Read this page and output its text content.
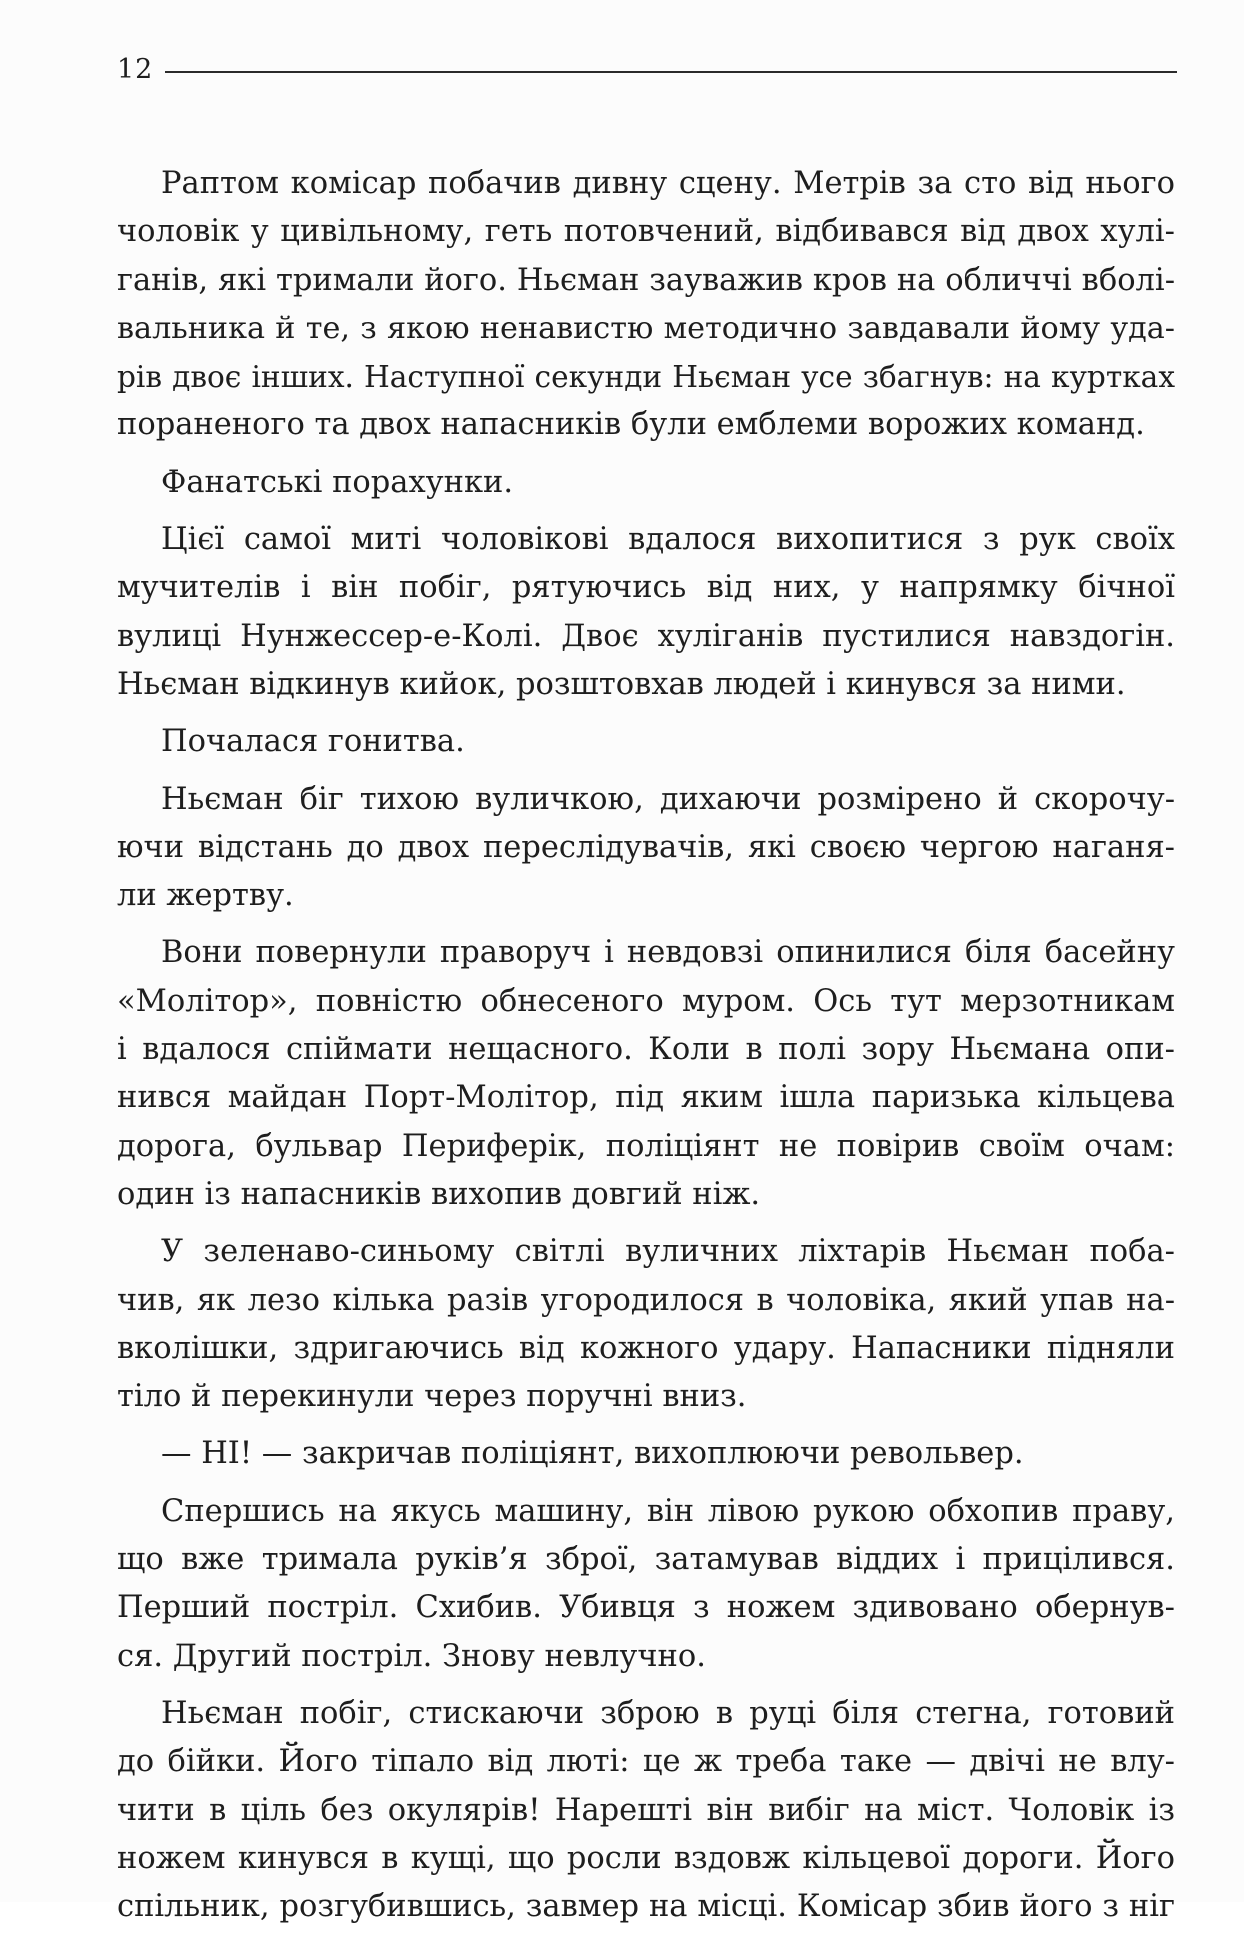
12

Раптом комісар побачив дивну сцену. Метрів за сто від нього
чоловік у цивільному, геть потовчений, відбивався від двох хулі-
ганів, які тримали його. Ньєман зауважив кров на обличчі вболі-
вальника й те, з якою ненавистю методично завдавали йому уда-
рів двоє інших. Наступної секунди Ньєман усе збагнув: на куртках
пораненого та двох напасників були емблеми ворожих команд.

Фанатські порахунки.

Цієї самої миті чоловікові вдалося вихопитися з рук своїх
мучителів і він побіг, рятуючись від них, у напрямку бічної
вулиці Нунжессер-е-Колі. Двоє хуліганів пустилися навздогін.
Ньєман відкинув кийок, розштовхав людей і кинувся за ними.

Почалася гонитва.

Ньєман біг тихою вуличкою, дихаючи розмірено й скорочу-
ючи відстань до двох переслідувачів, які своєю чергою наганя-
ли жертву.

Вони повернули праворуч і невдовзі опинилися біля басейну
«Молітор», повністю обнесеного муром. Ось тут мерзотникам
і вдалося спіймати нещасного. Коли в полі зору Ньємана опи-
нився майдан Порт-Молітор, під яким ішла паризька кільцева
дорога, бульвар Периферік, поліціянт не повірив своїм очам:
один із напасників вихопив довгий ніж.

У зеленаво-синьому світлі вуличних ліхтарів Ньєман поба-
чив, як лезо кілька разів угородилося в чоловіка, який упав на-
вколішки, здригаючись від кожного удару. Напасники підняли
тіло й перекинули через поручні вниз.

— НІ! — закричав поліціянт, вихоплюючи револьвер.

Спершись на якусь машину, він лівою рукою обхопив праву,
що вже тримала руків’я зброї, затамував віддих і прицілився.
Перший постріл. Схибив. Убивця з ножем здивовано обернув-
ся. Другий постріл. Знову невлучно.

Ньєман побіг, стискаючи зброю в руці біля стегна, готовий
до бійки. Його тіпало від люті: це ж треба таке — двічі не влу-
чити в ціль без окулярів! Нарешті він вибіг на міст. Чоловік із
ножем кинувся в кущі, що росли вздовж кільцевої дороги. Його
спільник, розгубившись, завмер на місці. Комісар збив його з ніг
